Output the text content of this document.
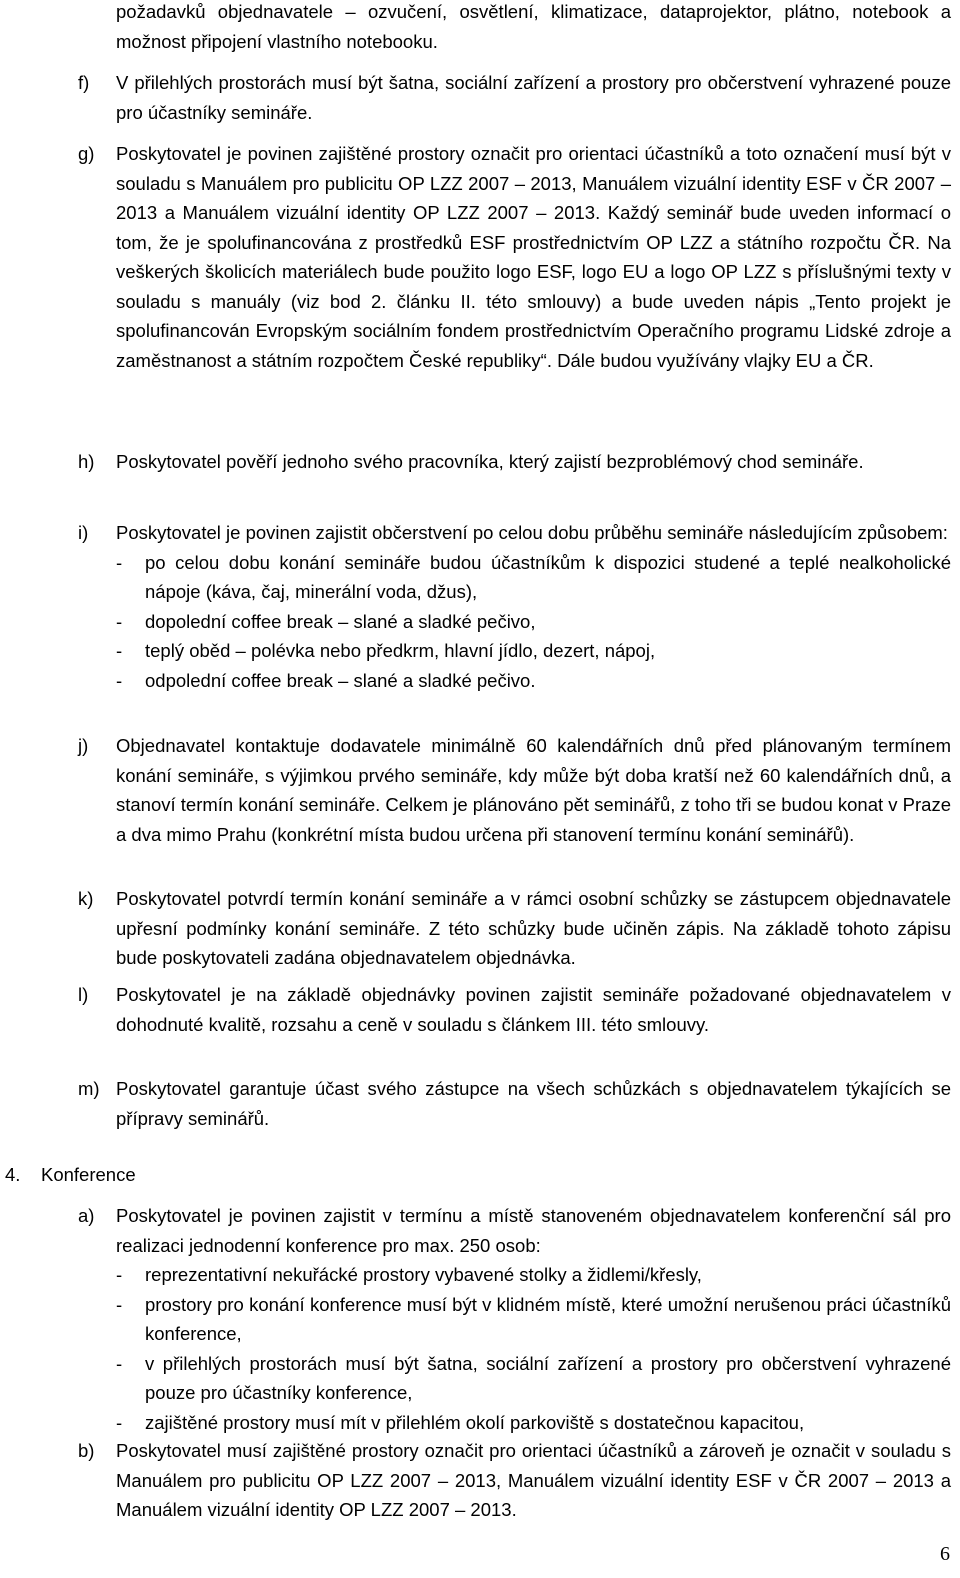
požadavků objednavatele – ozvučení, osvětlení, klimatizace, dataprojektor, plátno, notebook a možnost připojení vlastního notebooku.
f) V přilehlých prostorách musí být šatna, sociální zařízení a prostory pro občerstvení vyhrazené pouze pro účastníky semináře.

g) Poskytovatel je povinen zajištěné prostory označit pro orientaci účastníků a toto označení musí být v souladu s Manuálem pro publicitu OP LZZ 2007 – 2013, Manuálem vizuální identity ESF v ČR 2007 – 2013 a Manuálem vizuální identity OP LZZ 2007 – 2013. Každý seminář bude uveden informací o tom, že je spolufinancována z prostředků ESF prostřednictvím OP LZZ a státního rozpočtu ČR. Na veškerých školicích materiálech bude použito logo ESF, logo EU a logo OP LZZ s příslušnými texty v souladu s manuály (viz bod 2. článku II. této smlouvy) a bude uveden nápis „Tento projekt je spolufinancován Evropským sociálním fondem prostřednictvím Operačního programu Lidské zdroje a zaměstnanost a státním rozpočtem České republiky“. Dále budou využívány vlajky EU a ČR.

h) Poskytovatel pověří jednoho svého pracovníka, který zajistí bezproblémový chod semináře.

i) Poskytovatel je povinen zajistit občerstvení po celou dobu průběhu semináře následujícím způsobem:

- po celou dobu konání semináře budou účastníkům k dispozici studené a teplé nealkoholické nápoje (káva, čaj, minerální voda, džus),
- dopolední coffee break – slané a sladké pečivo,
- teplý oběd – polévka nebo předkrm, hlavní jídlo, dezert, nápoj,
- odpolední coffee break – slané a sladké pečivo.
j) Objednavatel kontaktuje dodavatele minimálně 60 kalendářních dnů před plánovaným termínem konání semináře, s výjimkou prvého semináře, kdy může být doba kratší než 60 kalendářních dnů, a stanoví termín konání semináře. Celkem je plánováno pět seminářů, z toho tři se budou konat v Praze a dva mimo Prahu (konkrétní místa budou určena při stanovení termínu konání seminářů).

k) Poskytovatel potvrdí termín konání semináře a v rámci osobní schůzky se zástupcem objednavatele upřesní podmínky konání semináře. Z této schůzky bude učiněn zápis. Na základě tohoto zápisu bude poskytovateli zadána objednavatelem objednávka.

l) Poskytovatel je na základě objednávky povinen zajistit semináře požadované objednavatelem v dohodnuté kvalitě, rozsahu a ceně v souladu s článkem III. této smlouvy.

m) Poskytovatel garantuje účast svého zástupce na všech schůzkách s objednavatelem týkajících se přípravy seminářů.

4. Konference
a) Poskytovatel je povinen zajistit v termínu a místě stanoveném objednavatelem konferenční sál pro realizaci jednodenní konference pro max. 250 osob:

- reprezentativní nekuřácké prostory vybavené stolky a židlemi/křesly,
- prostory pro konání konference musí být v klidném místě, které umožní nerušenou práci účastníků konference,
- v přilehlých prostorách musí být šatna, sociální zařízení a prostory pro občerstvení vyhrazené pouze pro účastníky konference,
- zajištěné prostory musí mít v přilehlém okolí parkoviště s dostatečnou kapacitou,
b) Poskytovatel musí zajištěné prostory označit pro orientaci účastníků a zároveň je označit v souladu s Manuálem pro publicitu OP LZZ 2007 – 2013, Manuálem vizuální identity ESF v ČR 2007 – 2013 a Manuálem vizuální identity OP LZZ 2007 – 2013.

6
